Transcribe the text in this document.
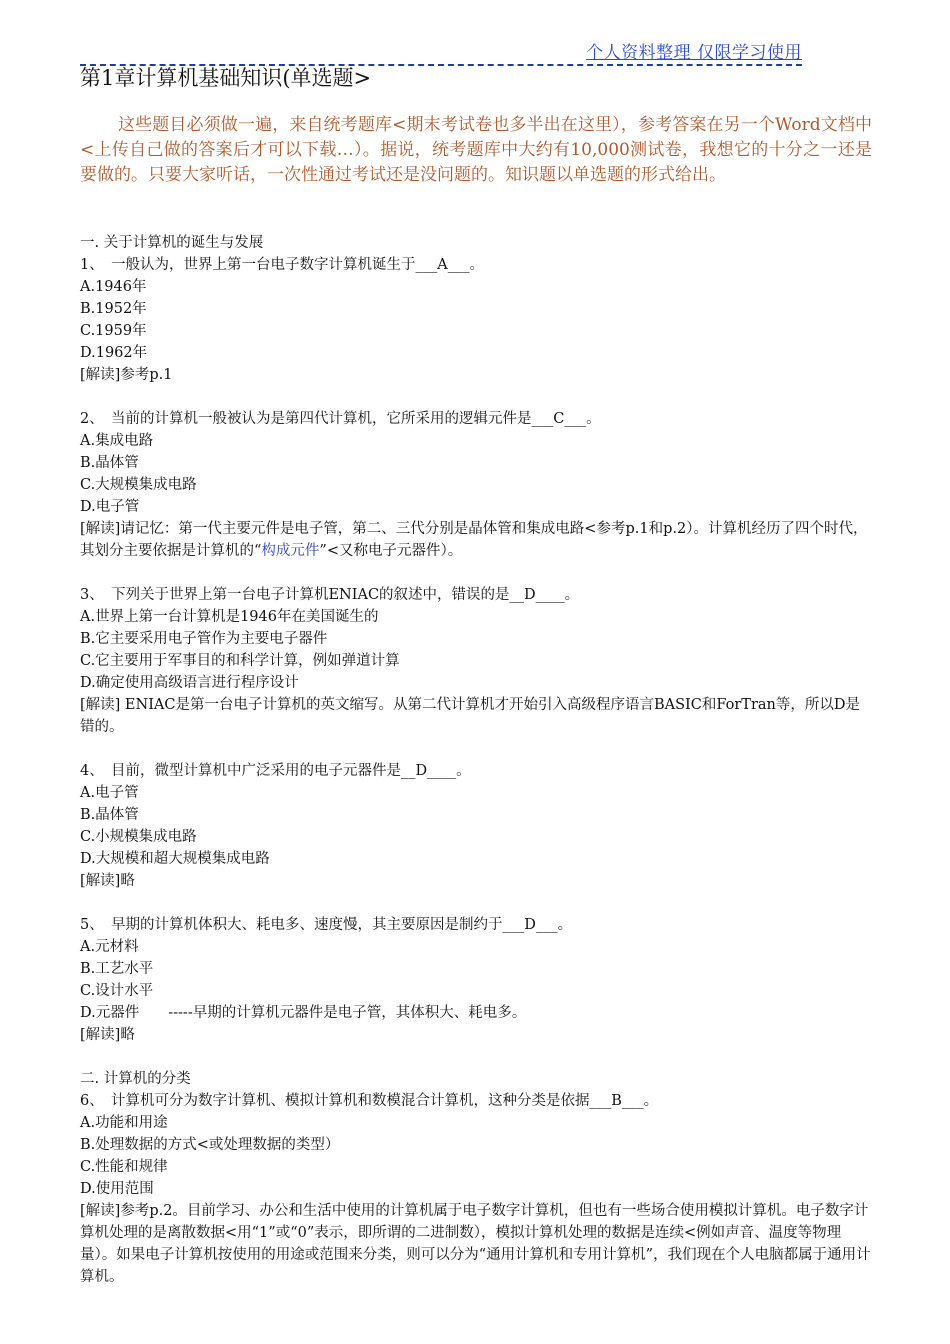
个人资料整理 仅限学习使用
第1章计算机基础知识(单选题>
这些题目必须做一遍，来自统考题库<期末考试卷也多半出在这里），参考答案在另一个Word文档中<上传自己做的答案后才可以下载…）。据说，统考题库中大约有10,000测试卷，我想它的十分之一还是要做的。只要大家听话，一次性通过考试还是没问题的。知识题以单选题的形式给出。
一. 关于计算机的诞生与发展
1、　一般认为，世界上第一台电子数字计算机诞生于___A___。
A.1946年
B.1952年
C.1959年
D.1962年
[解读]参考p.1
2、　当前的计算机一般被认为是第四代计算机，它所采用的逻辑元件是___C___。
A.集成电路
B.晶体管
C.大规模集成电路
D.电子管
[解读]请记忆：第一代主要元件是电子管，第二、三代分别是晶体管和集成电路<参考p.1和p.2）。计算机经历了四个时代，其划分主要依据是计算机的“构成元件”<又称电子元器件）。
3、　下列关于世界上第一台电子计算机ENIAC的叙述中，错误的是__D____。
A.世界上第一台计算机是1946年在美国诞生的
B.它主要采用电子管作为主要电子器件
C.它主要用于军事目的和科学计算，例如弹道计算
D.确定使用高级语言进行程序设计
[解读] ENIAC是第一台电子计算机的英文缩写。从第二代计算机才开始引入高级程序语言BASIC和ForTran等，所以D是错的。
4、　目前，微型计算机中广泛采用的电子元器件是__D____。
A.电子管
B.晶体管
C.小规模集成电路
D.大规模和超大规模集成电路
[解读]略
5、　早期的计算机体积大、耗电多、速度慢，其主要原因是制约于___D___。
A.元材料
B.工艺水平
C.设计水平
D.元器件　　-----早期的计算机元器件是电子管，其体积大、耗电多。
[解读]略
二. 计算机的分类
6、　计算机可分为数字计算机、模拟计算机和数模混合计算机，这种分类是依据___B___。
A.功能和用途
B.处理数据的方式<或处理数据的类型）
C.性能和规律
D.使用范围
[解读]参考p.2。目前学习、办公和生活中使用的计算机属于电子数字计算机，但也有一些场合使用模拟计算机。电子数字计算机处理的是离散数据<用“1”或“0”表示，即所谓的二进制数），模拟计算机处理的数据是连续<例如声音、温度等物理量）。如果电子计算机按使用的用途或范围来分类，则可以分为“通用计算机和专用计算机”，我们现在个人电脑都属于通用计算机。
